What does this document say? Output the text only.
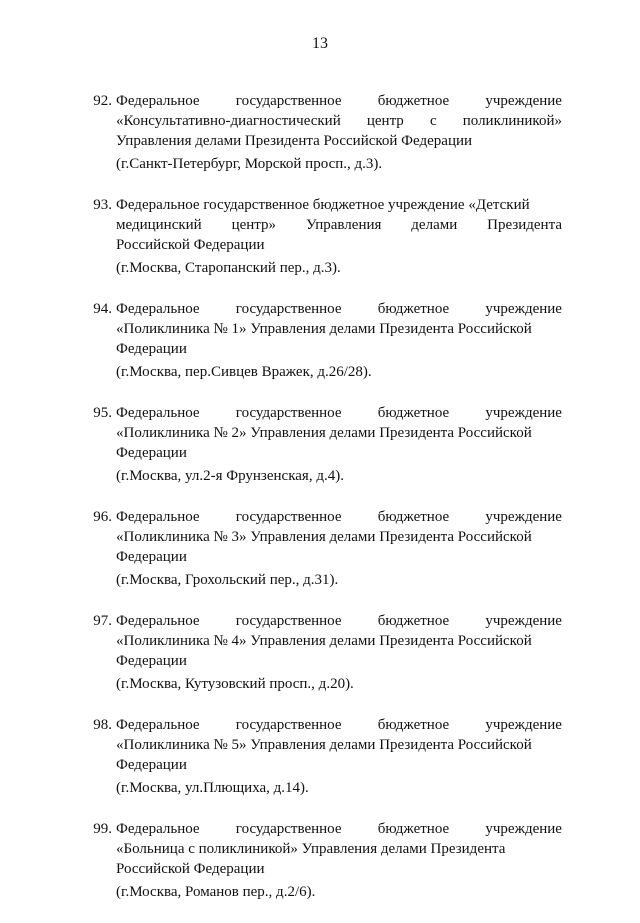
13
92. Федеральное государственное бюджетное учреждение
«Консультативно-диагностический центр с поликлиникой»
Управления делами Президента Российской Федерации
(г.Санкт-Петербург, Морской просп., д.3).
93. Федеральное государственное бюджетное учреждение «Детский
медицинский центр» Управления делами Президента
Российской Федерации
(г.Москва, Старопанский пер., д.3).
94. Федеральное государственное бюджетное учреждение
«Поликлиника № 1» Управления делами Президента Российской
Федерации
(г.Москва, пер.Сивцев Вражек, д.26/28).
95. Федеральное государственное бюджетное учреждение
«Поликлиника № 2» Управления делами Президента Российской
Федерации
(г.Москва, ул.2-я Фрунзенская, д.4).
96. Федеральное государственное бюджетное учреждение
«Поликлиника № 3» Управления делами Президента Российской
Федерации
(г.Москва, Грохольский пер., д.31).
97. Федеральное государственное бюджетное учреждение
«Поликлиника № 4» Управления делами Президента Российской
Федерации
(г.Москва, Кутузовский просп., д.20).
98. Федеральное государственное бюджетное учреждение
«Поликлиника № 5» Управления делами Президента Российской
Федерации
(г.Москва, ул.Плющиха, д.14).
99. Федеральное государственное бюджетное учреждение
«Больница с поликлиникой» Управления делами Президента
Российской Федерации
(г.Москва, Романов пер., д.2/6).
